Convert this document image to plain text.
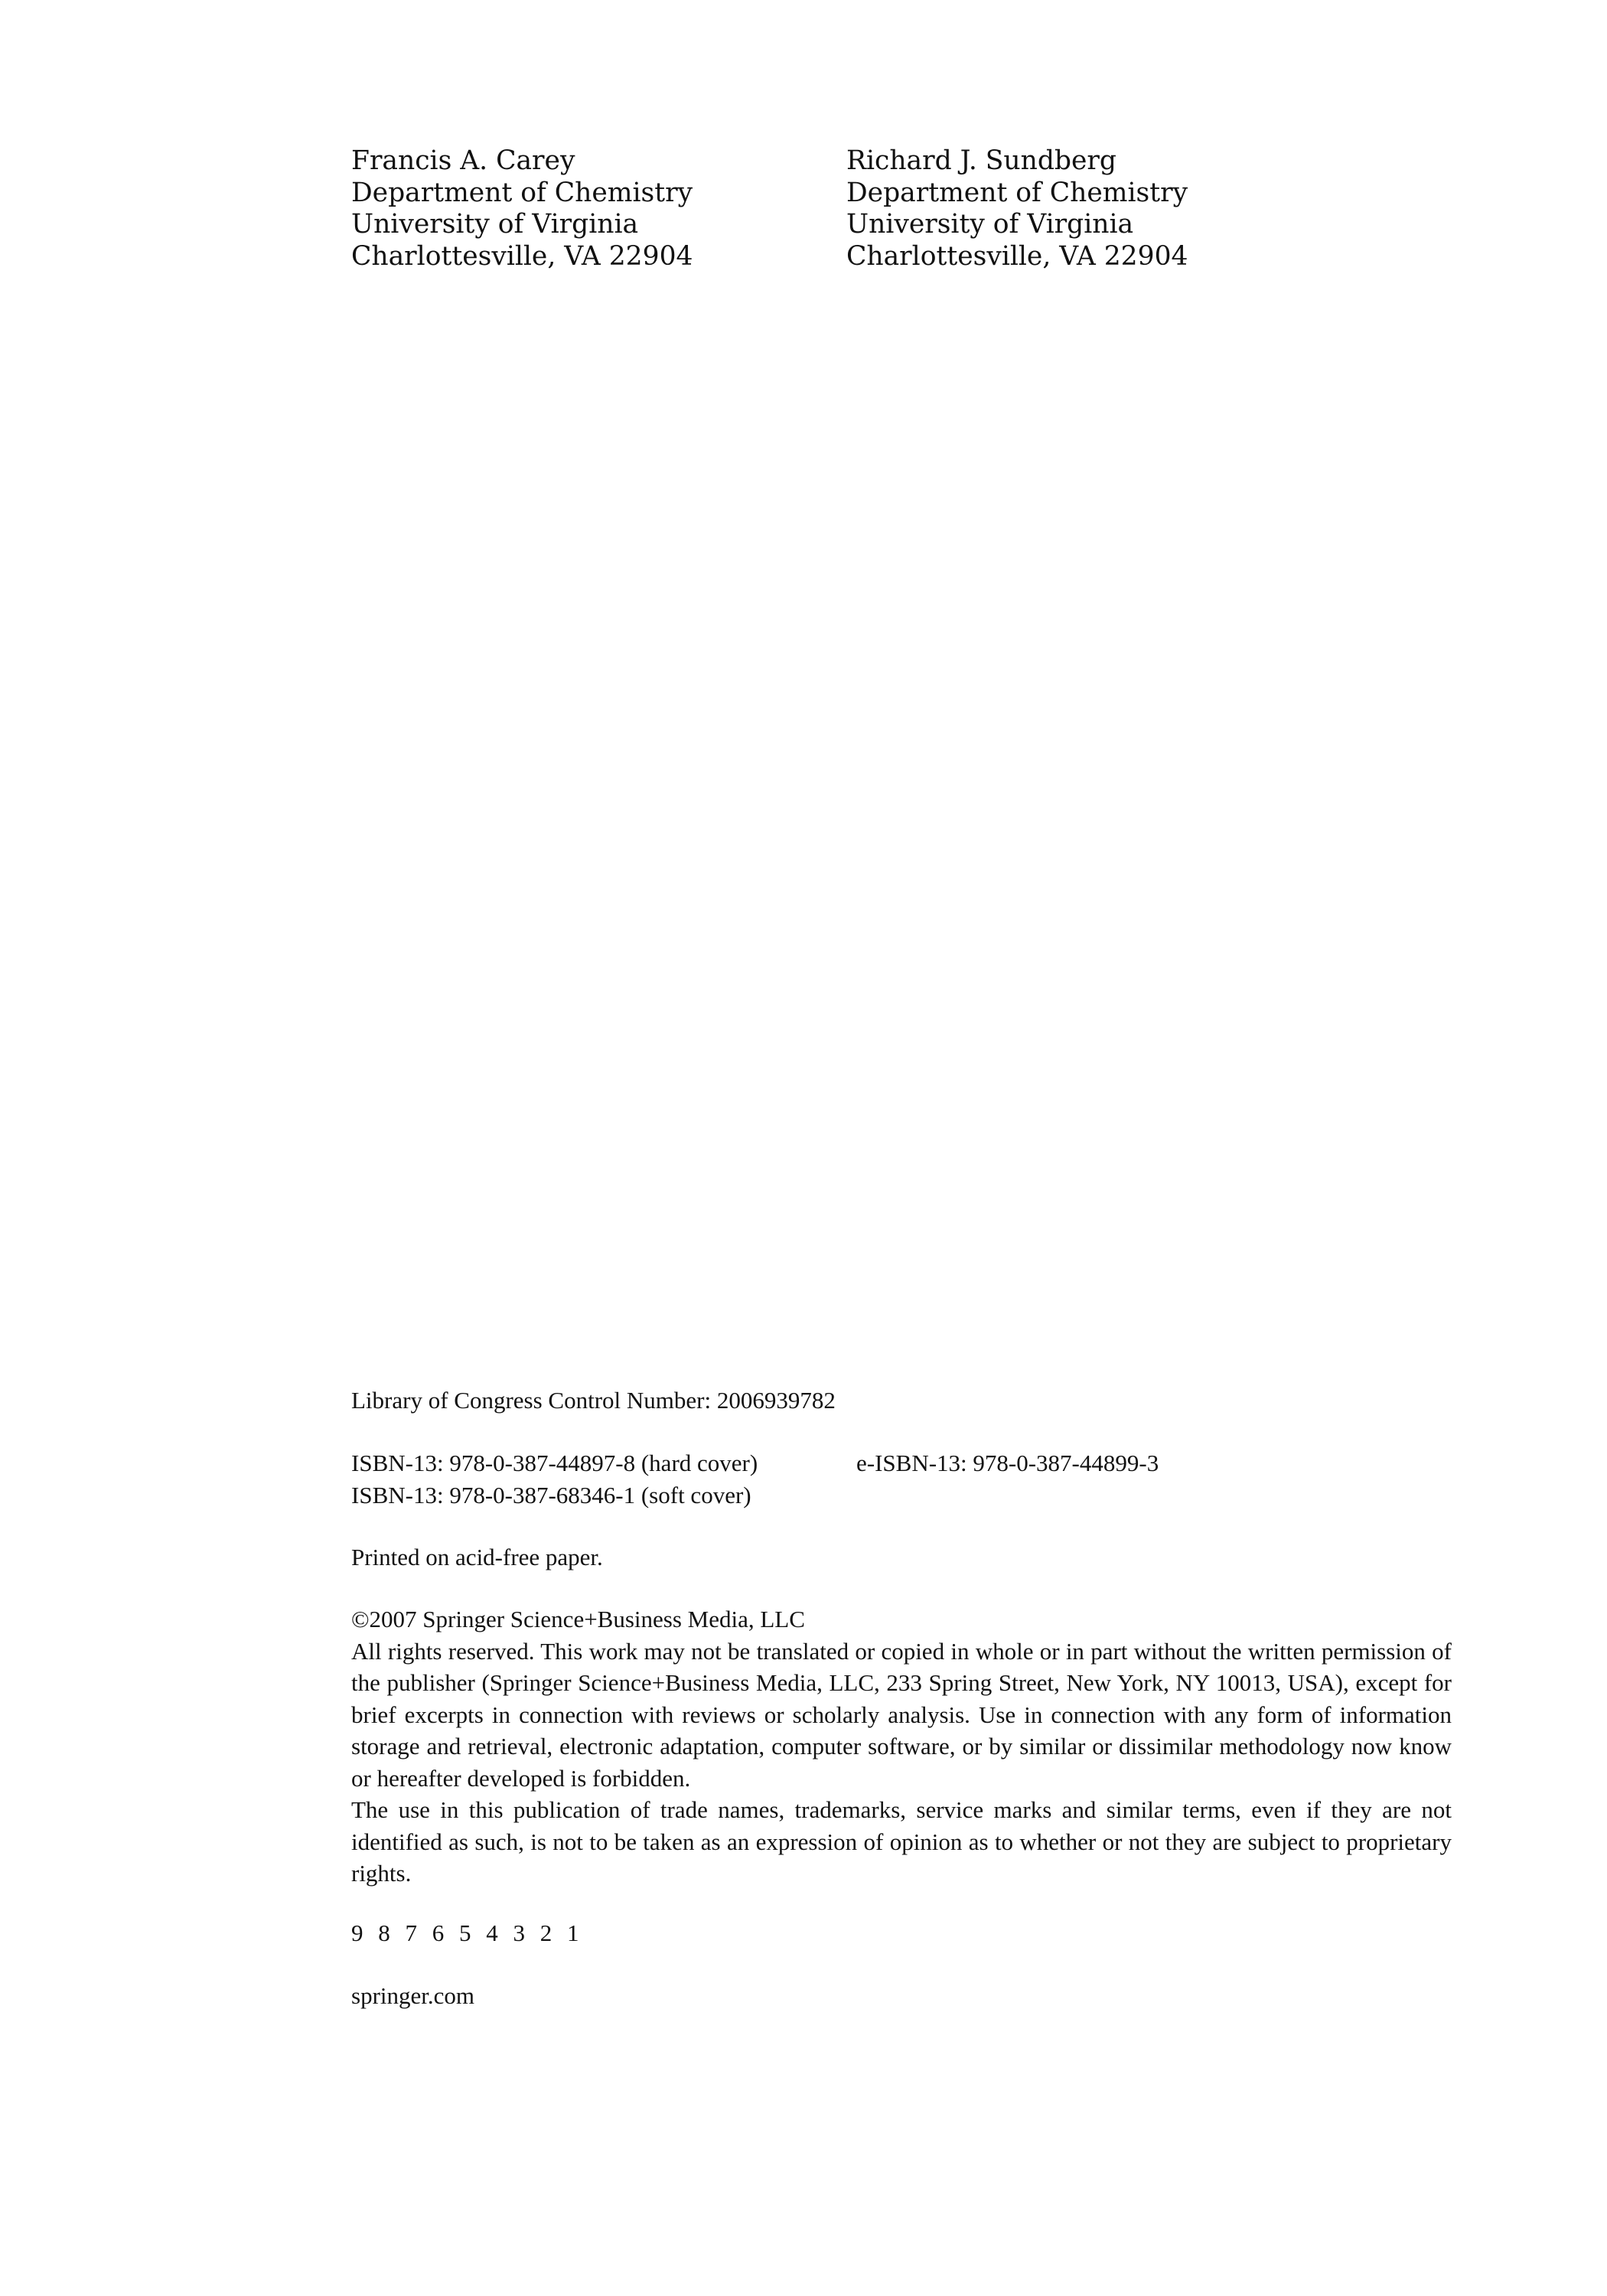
Francis A. Carey
Department of Chemistry
University of Virginia
Charlottesville, VA 22904
Richard J. Sundberg
Department of Chemistry
University of Virginia
Charlottesville, VA 22904
Library of Congress Control Number: 2006939782
ISBN-13: 978-0-387-44897-8 (hard cover)	e-ISBN-13: 978-0-387-44899-3
ISBN-13: 978-0-387-68346-1 (soft cover)
Printed on acid-free paper.
©2007 Springer Science+Business Media, LLC
All rights reserved. This work may not be translated or copied in whole or in part without the written permission of the publisher (Springer Science+Business Media, LLC, 233 Spring Street, New York, NY 10013, USA), except for brief excerpts in connection with reviews or scholarly analysis. Use in connection with any form of information storage and retrieval, electronic adaptation, computer software, or by similar or dissimilar methodology now know or hereafter developed is forbidden.
The use in this publication of trade names, trademarks, service marks and similar terms, even if they are not identified as such, is not to be taken as an expression of opinion as to whether or not they are subject to proprietary rights.
9 8 7 6 5 4 3 2 1
springer.com
